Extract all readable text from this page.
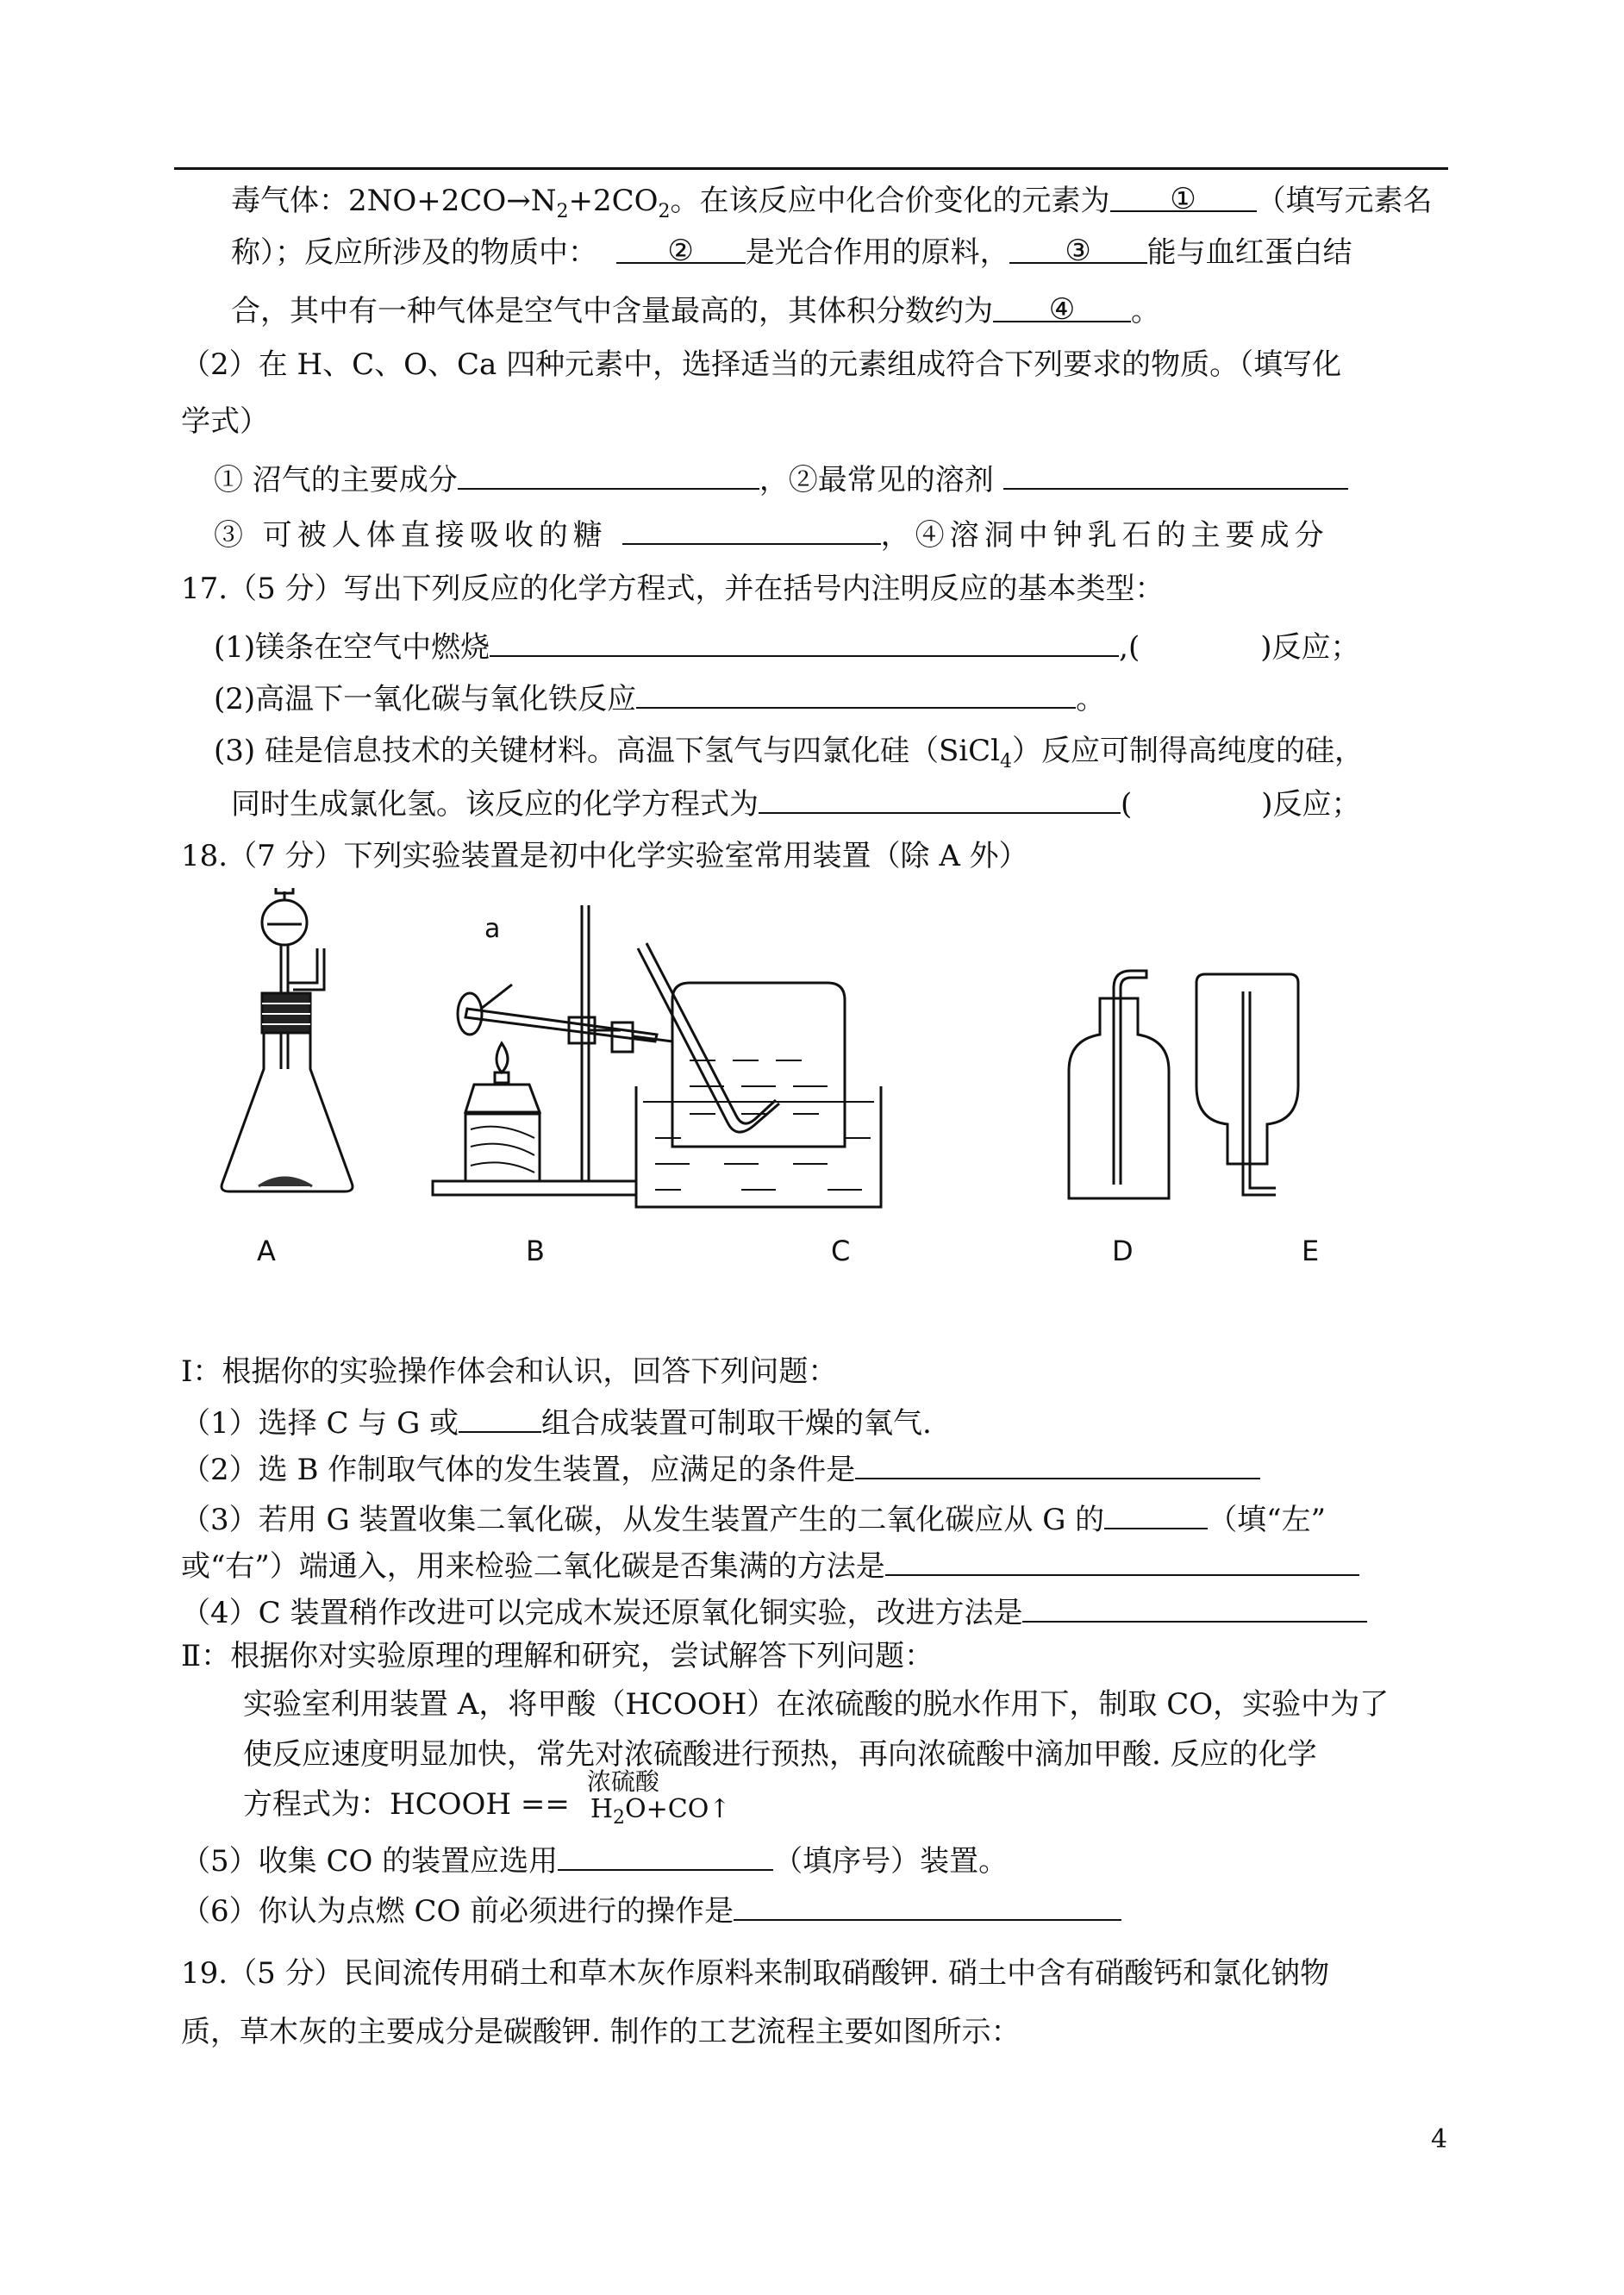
毒气体：$2NO+2CO\to N_2+2CO_2$。在该反应中化合价变化的元素为 ① （填写元素名
称）；反应所涉及的物质中： ② 是光合作用的原料， ③ 能与血红蛋白结
合，其中有一种气体是空气中含量最高的，其体积分数约为 ④ 。
（2）在 H、C、O、Ca 四种元素中，选择适当的元素组成符合下列要求的物质。（填写化
学式）
① 沼气的主要成分	，②最常见的溶剂
③ 可被人体直接吸收的糖	，④溶洞中钟乳石的主要成分
17.（5 分）写出下列反应的化学方程式，并在括号内注明反应的基本类型：
(1)镁条在空气中燃烧	,(	)反应；
(2)高温下一氧化碳与氧化铁反应	。
(3) 硅是信息技术的关键材料。高温下氢气与四氯化硅（SiCl$_4$）反应可制得高纯度的硅，
同时生成氯化氢。该反应的化学方程式为	(	)反应；
18.（7 分）下列实验装置是初中化学实验室常用装置（除 A 外）
a
A	B	C	D	E
Ⅰ：根据你的实验操作体会和认识，回答下列问题：
（1）选择 C 与 G 或	组合成装置可制取干燥的氧气.
（2）选 B 作制取气体的发生装置，应满足的条件是
（3）若用 G 装置收集二氧化碳，从发生装置产生的二氧化碳应从 G 的	（填“左”
或“右”）端通入，用来检验二氧化碳是否集满的方法是
（4）C 装置稍作改进可以完成木炭还原氧化铜实验，改进方法是
Ⅱ：根据你对实验原理的理解和研究，尝试解答下列问题：
实验室利用装置 A，将甲酸（HCOOH）在浓硫酸的脱水作用下，制取 CO，实验中为了
使反应速度明显加快，常先对浓硫酸进行预热，再向浓硫酸中滴加甲酸. 反应的化学
方程式为：HCOOH ==
浓硫酸
$H_2O+CO↑$
（5）收集 CO 的装置应选用	（填序号）装置。
（6）你认为点燃 CO 前必须进行的操作是
19.（5 分）民间流传用硝土和草木灰作原料来制取硝酸钾. 硝土中含有硝酸钙和氯化钠物
质，草木灰的主要成分是碳酸钾. 制作的工艺流程主要如图所示：
4
